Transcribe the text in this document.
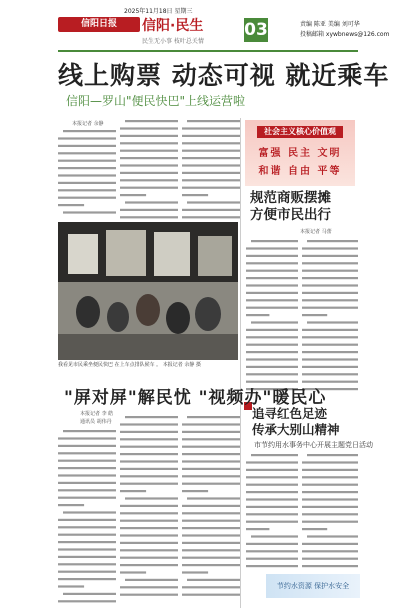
2025年11月18日 星期三
信阳日报	信阳·民生
民生无小事 枝叶总关情
03	责编 陈亚 美编 刘可华
投稿邮箱 xywbnews@126.com
线上购票 动态可视 就近乘车
信阳—罗山"便民快巴"上线运营啦
本报记者 余静
我看见市民乘坐便民快巴 在上车点排队候车 。 本报记者 余静 摄
社会主义核心价值观
富强 民主 文明
和谐 自由 平等
规范商贩摆摊
方便市民出行
本报记者 马蕾
追寻红色足迹
传承大别山精神
市节约用水事务中心开展主题党日活动
"屏对屏"解民忧 "视频办"暖民心
本报记者 李 皓
通讯员 胡伟丹
节约水资源 保护水安全
